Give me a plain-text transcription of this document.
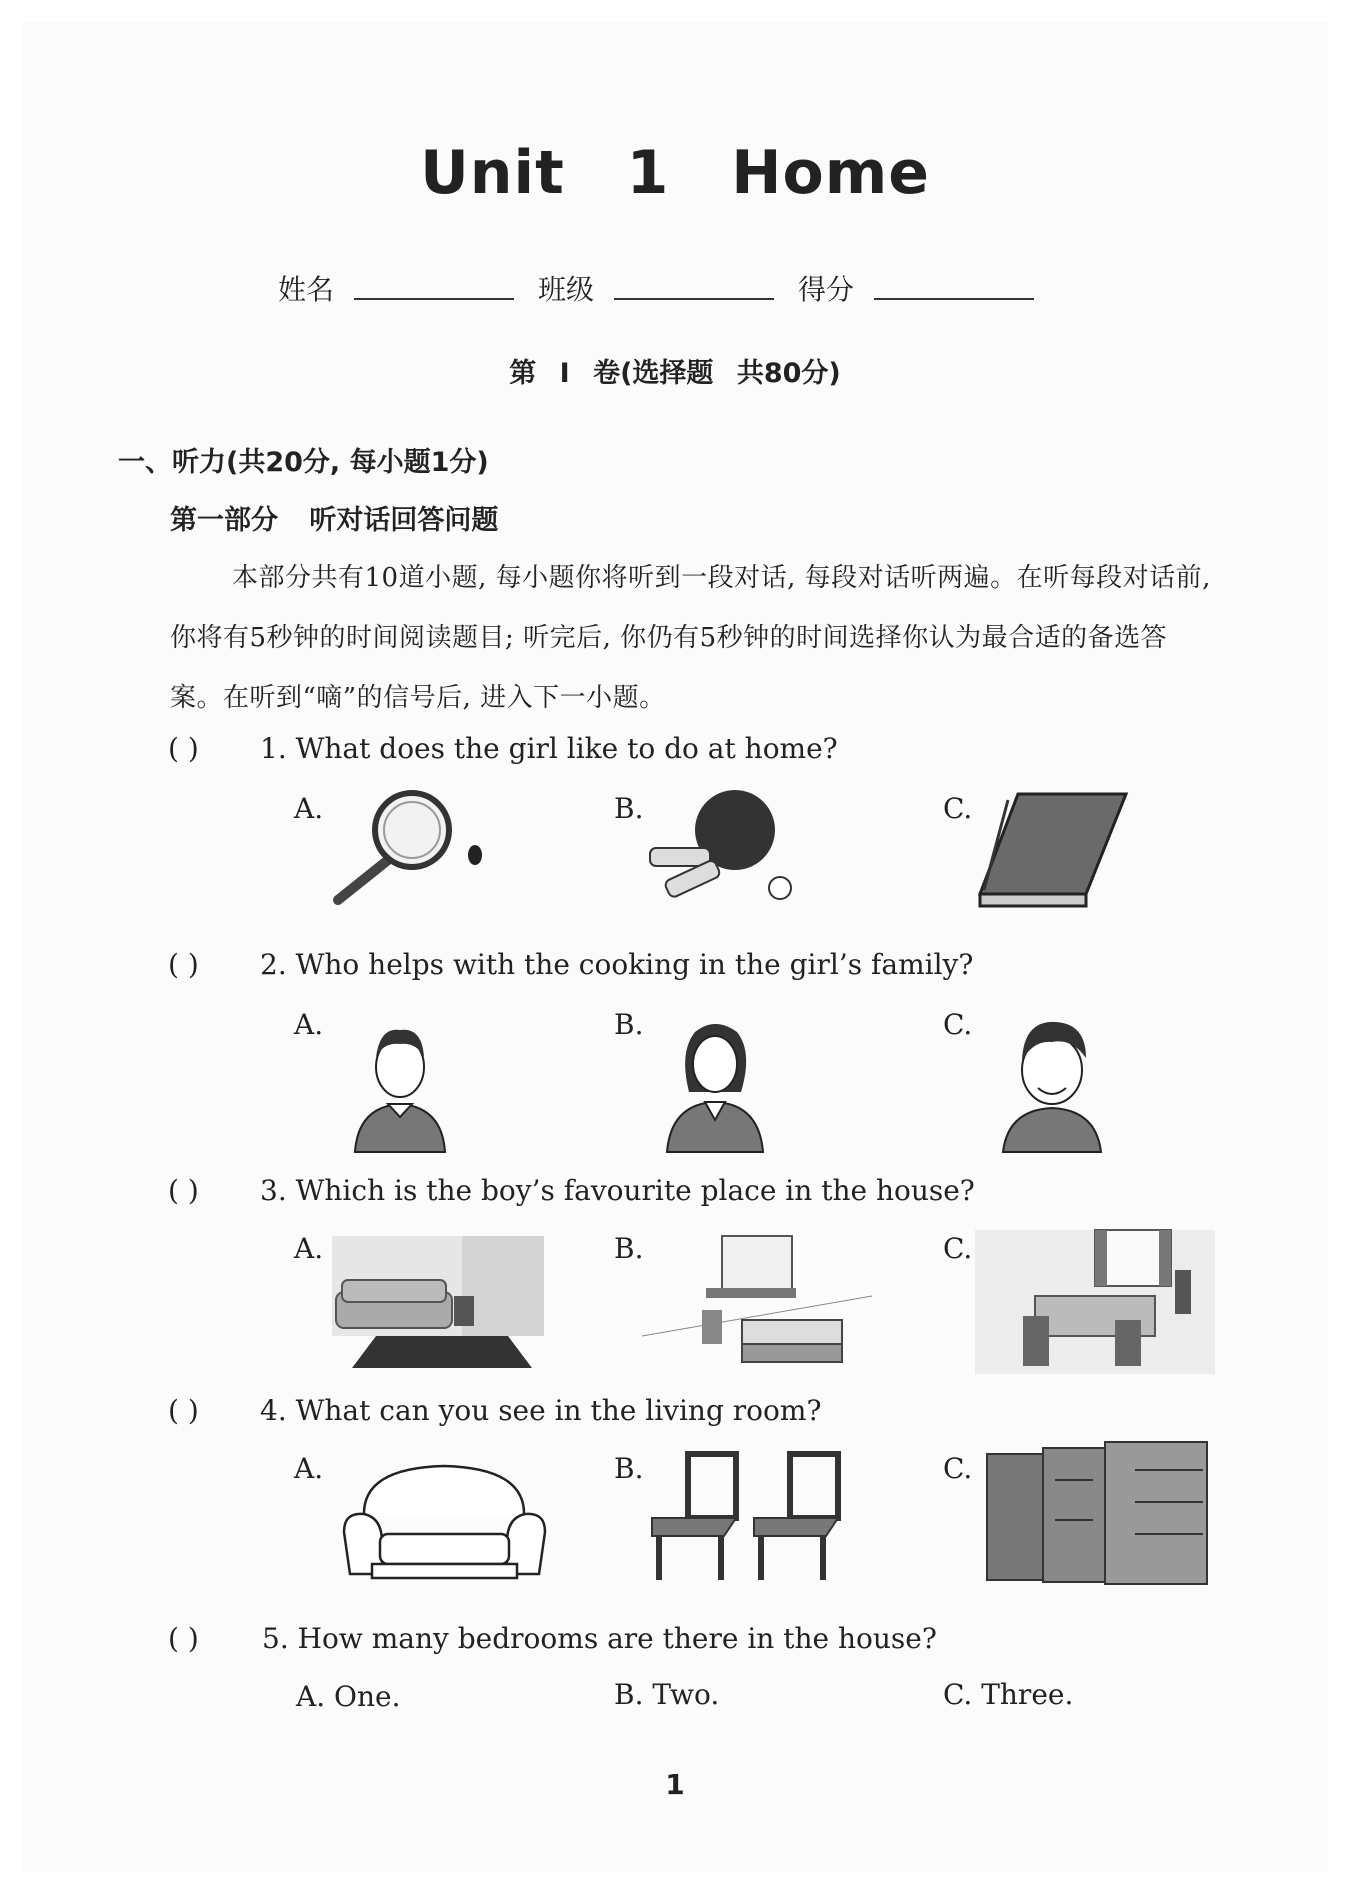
Unit 1 Home
姓名	班级	得分
第 I 卷(选择题 共80分)
一、听力(共20分, 每小题1分)
第一部分 听对话回答问题
本部分共有10道小题, 每小题你将听到一段对话, 每段对话听两遍。在听每段对话前, 你将有5秒钟的时间阅读题目; 听完后, 你仍有5秒钟的时间选择你认为最合适的备选答案。在听到“嘀”的信号后, 进入下一小题。
( ) 1. What does the girl like to do at home?
A.	B.	C.
( ) 2. Who helps with the cooking in the girl’s family?
A.	B.	C.
( ) 3. Which is the boy’s favourite place in the house?
A.	B.	C.
( ) 4. What can you see in the living room?
A.	B.	C.
( ) 5. How many bedrooms are there in the house?
A. One.	B. Two.	C. Three.
1
